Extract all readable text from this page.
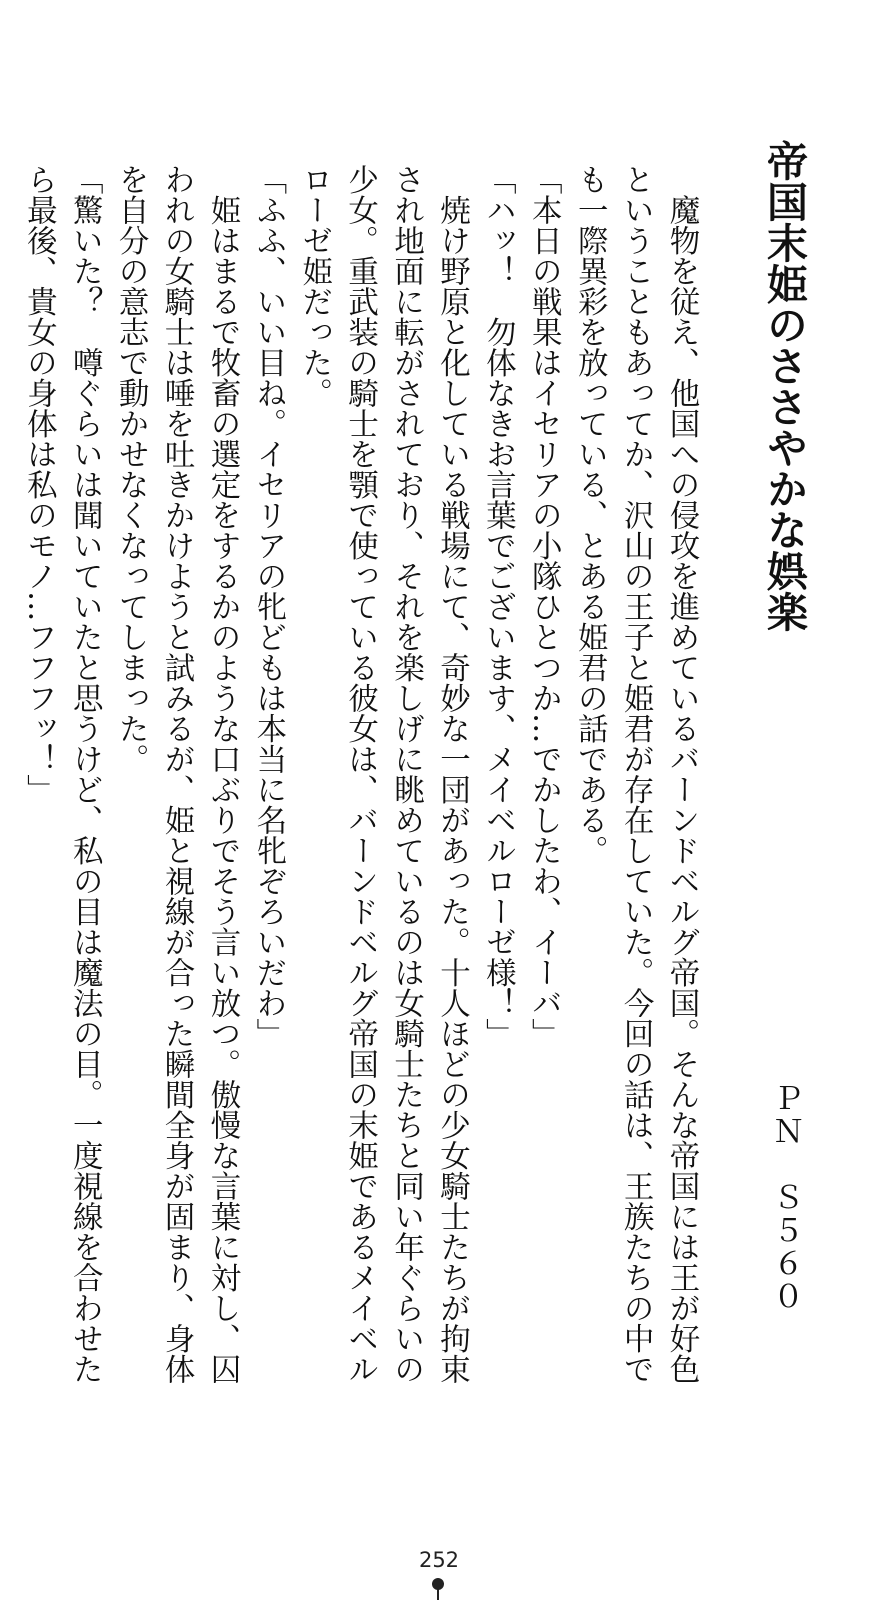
帝国末姫のささやかな娯楽
ＰＮ　Ｓ５６０
　魔物を従え、他国への侵攻を進めているバーンドベルグ帝国。そんな帝国には王が好色
ということもあってか、沢山の王子と姫君が存在していた。今回の話は、王族たちの中で
も一際異彩を放っている、とある姫君の話である。
「本日の戦果はイセリアの小隊ひとつか…でかしたわ、イーバ」
「ハッ！　勿体なきお言葉でございます、メイベルローゼ様！」
　焼け野原と化している戦場にて、奇妙な一団があった。十人ほどの少女騎士たちが拘束
され地面に転がされており、それを楽しげに眺めているのは女騎士たちと同い年ぐらいの
少女。重武装の騎士を顎で使っている彼女は、バーンドベルグ帝国の末姫であるメイベル
ローゼ姫だった。
「ふふ、いい目ね。イセリアの牝どもは本当に名牝ぞろいだわ」
　姫はまるで牧畜の選定をするかのような口ぶりでそう言い放つ。傲慢な言葉に対し、囚
われの女騎士は唾を吐きかけようと試みるが、姫と視線が合った瞬間全身が固まり、身体
を自分の意志で動かせなくなってしまった。
「驚いた？　噂ぐらいは聞いていたと思うけど、私の目は魔法の目。一度視線を合わせた
ら最後、貴女の身体は私のモノ…フフフッ！」
252
